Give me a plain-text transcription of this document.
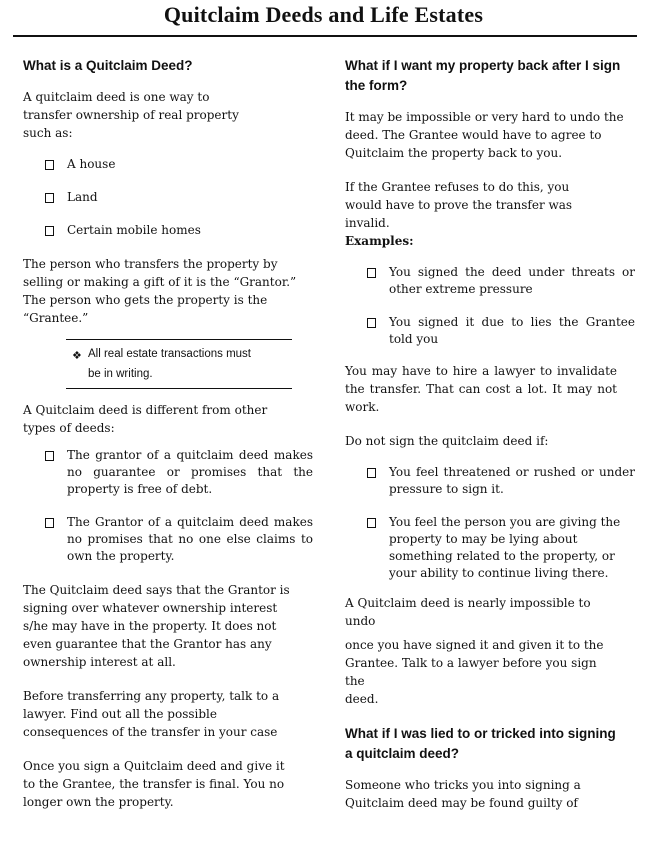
Quitclaim Deeds and Life Estates
What is a Quitclaim Deed?

A quitclaim deed is one way to transfer ownership of real property such as:

A house
Land
Certain mobile homes

The person who transfers the property by selling or making a gift of it is the “Grantor.” The person who gets the property is the “Grantee.”

❖ All real estate transactions must
be in writing.

A Quitclaim deed is different from other types of deeds:

The grantor of a quitclaim deed makes no guarantee or promises that the property is free of debt.
The Grantor of a quitclaim deed makes no promises that no one else claims to own the property.

The Quitclaim deed says that the Grantor is signing over whatever ownership interest s/he may have in the property. It does not even guarantee that the Grantor has any ownership interest at all.

Before transferring any property, talk to a lawyer. Find out all the possible consequences of the transfer in your case

Once you sign a Quitclaim deed and give it to the Grantee, the transfer is final. You no longer own the property.

What if I want my property back after I sign the form?

It may be impossible or very hard to undo the deed. The Grantee would have to agree to Quitclaim the property back to you.

If the Grantee refuses to do this, you would have to prove the transfer was invalid.

Examples:

You signed the deed under threats or other extreme pressure
You signed it due to lies the Grantee told you

You may have to hire a lawyer to invalidate the transfer. That can cost a lot. It may not work.

Do not sign the quitclaim deed if:

You feel threatened or rushed or under pressure to sign it.
You feel the person you are giving the property to may be lying about something related to the property, or your ability to continue living there.

A Quitclaim deed is nearly impossible to undo

once you have signed it and given it to the Grantee. Talk to a lawyer before you sign the

deed.

What if I was lied to or tricked into signing a quitclaim deed?

Someone who tricks you into signing a Quitclaim deed may be found guilty of
